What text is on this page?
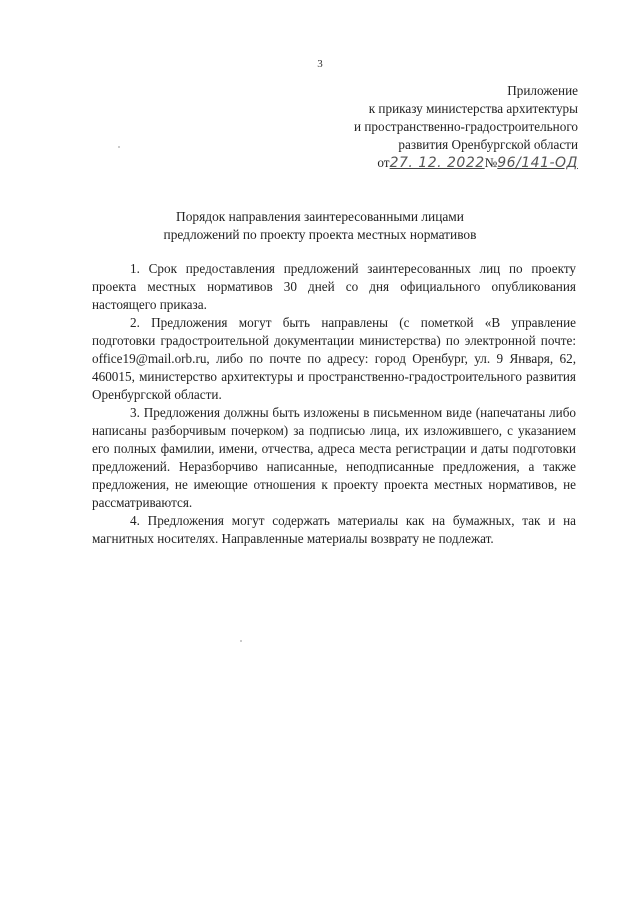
3
Приложение
к приказу министерства архитектуры
и пространственно-градостроительного
развития Оренбургской области
от27. 12. 2022№96/141-ОД
Порядок направления заинтересованными лицами
предложений по проекту проекта местных нормативов

1. Срок предоставления предложений заинтересованных лиц по проекту проекта местных нормативов 30 дней со дня официального опубликования настоящего приказа.

2. Предложения могут быть направлены (с пометкой «В управление подготовки градостроительной документации министерства) по электронной почте: office19@mail.orb.ru, либо по почте по адресу: город Оренбург, ул. 9 Января, 62, 460015, министерство архитектуры и пространственно-градостроительного развития Оренбургской области.

3. Предложения должны быть изложены в письменном виде (напечатаны либо написаны разборчивым почерком) за подписью лица, их изложившего, с указанием его полных фамилии, имени, отчества, адреса места регистрации и даты подготовки предложений. Неразборчиво написанные, неподписанные предложения, а также предложения, не имеющие отношения к проекту проекта местных нормативов, не рассматриваются.

4. Предложения могут содержать материалы как на бумажных, так и на магнитных носителях. Направленные материалы возврату не подлежат.
